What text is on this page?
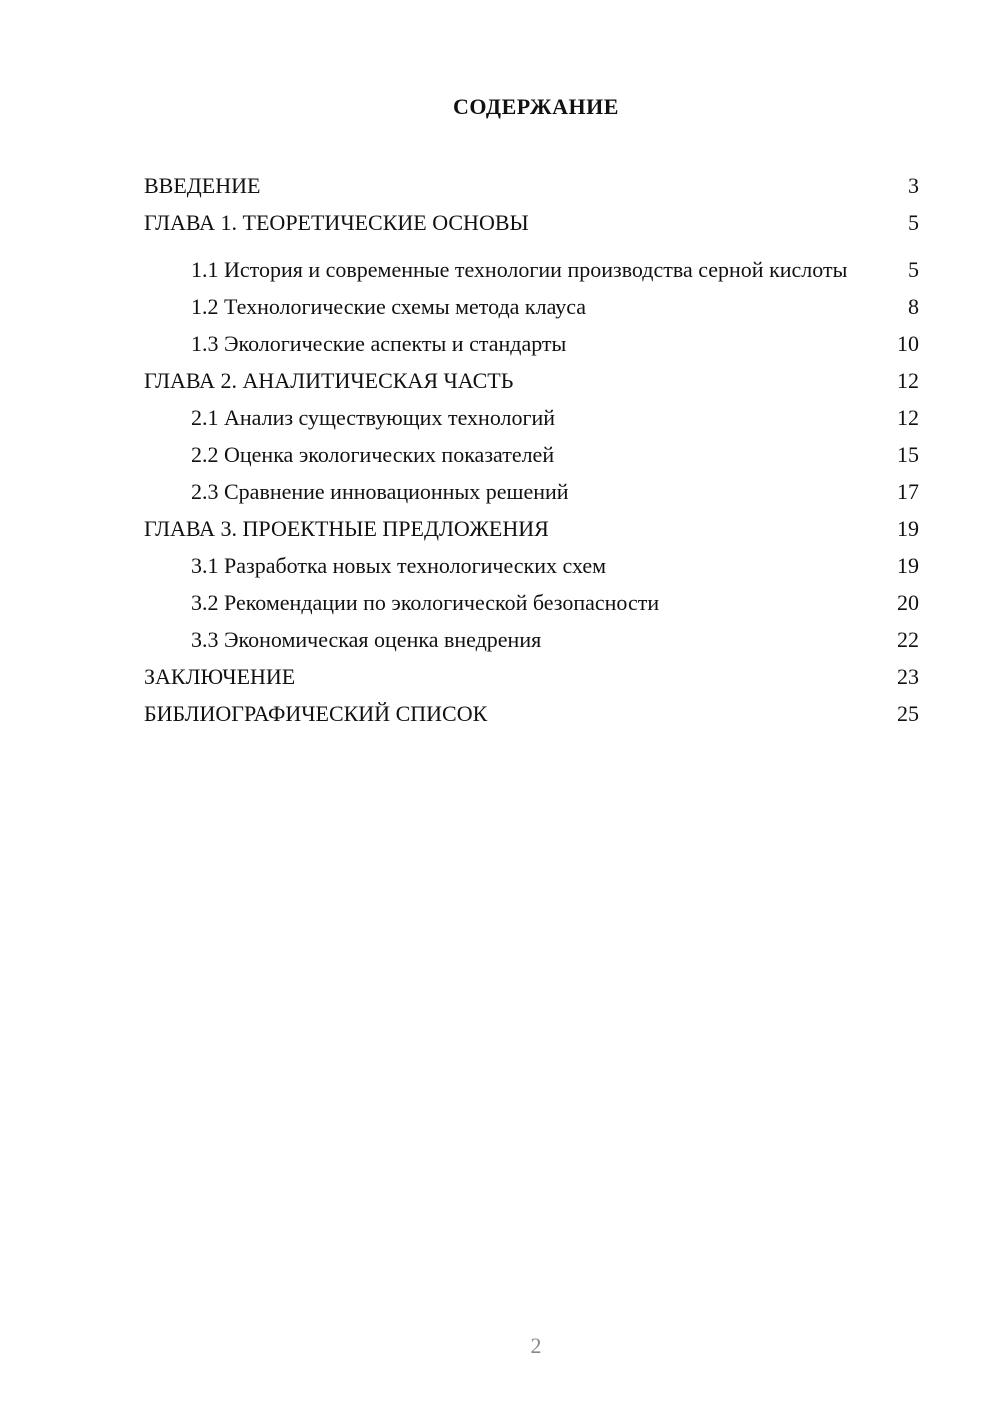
СОДЕРЖАНИЕ
ВВЕДЕНИЕ	3
ГЛАВА 1. ТЕОРЕТИЧЕСКИЕ ОСНОВЫ	5
1.1 История и современные технологии производства серной кислоты	5
1.2 Технологические схемы метода клауса	8
1.3 Экологические аспекты и стандарты	10
ГЛАВА 2. АНАЛИТИЧЕСКАЯ ЧАСТЬ	12
2.1 Анализ существующих технологий	12
2.2 Оценка экологических показателей	15
2.3 Сравнение инновационных решений	17
ГЛАВА 3. ПРОЕКТНЫЕ ПРЕДЛОЖЕНИЯ	19
3.1 Разработка новых технологических схем	19
3.2 Рекомендации по экологической безопасности	20
3.3 Экономическая оценка внедрения	22
ЗАКЛЮЧЕНИЕ	23
БИБЛИОГРАФИЧЕСКИЙ СПИСОК	25
2
